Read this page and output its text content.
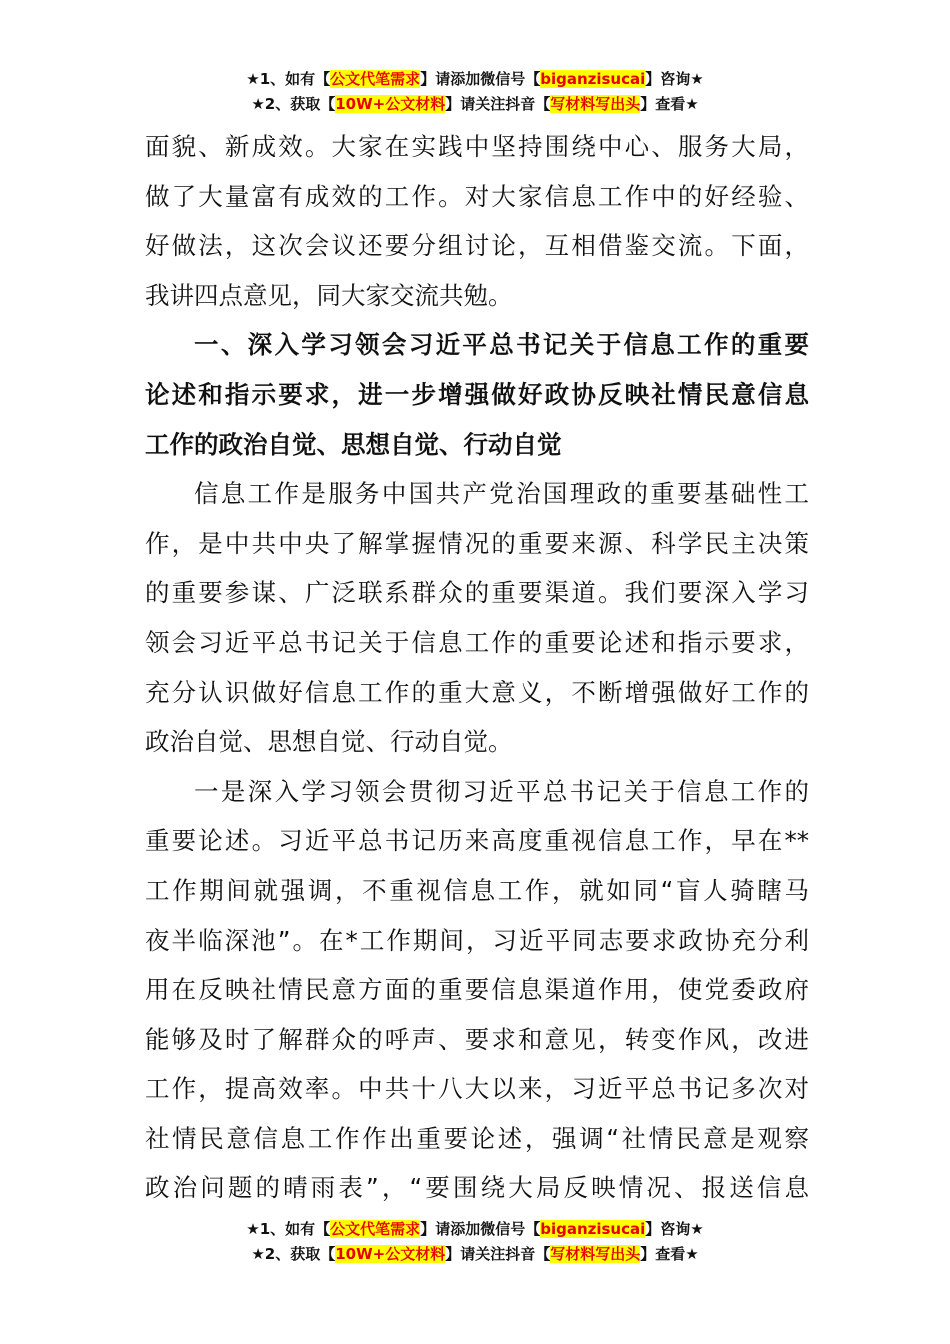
★1、如有【公文代笔需求】请添加微信号【biganzisucai】咨询★
★2、获取【10W+公文材料】请关注抖音【写材料写出头】查看★
面貌、新成效。大家在实践中坚持围绕中心、服务大局，
做了大量富有成效的工作。对大家信息工作中的好经验、
好做法，这次会议还要分组讨论，互相借鉴交流。下面，
我讲四点意见，同大家交流共勉。
一、深入学习领会习近平总书记关于信息工作的重要
论述和指示要求，进一步增强做好政协反映社情民意信息
工作的政治自觉、思想自觉、行动自觉
信息工作是服务中国共产党治国理政的重要基础性工
作，是中共中央了解掌握情况的重要来源、科学民主决策
的重要参谋、广泛联系群众的重要渠道。我们要深入学习
领会习近平总书记关于信息工作的重要论述和指示要求，
充分认识做好信息工作的重大意义，不断增强做好工作的
政治自觉、思想自觉、行动自觉。
一是深入学习领会贯彻习近平总书记关于信息工作的
重要论述。习近平总书记历来高度重视信息工作，早在**
工作期间就强调，不重视信息工作，就如同“盲人骑瞎马
夜半临深池”。在*工作期间，习近平同志要求政协充分利
用在反映社情民意方面的重要信息渠道作用，使党委政府
能够及时了解群众的呼声、要求和意见，转变作风，改进
工作，提高效率。中共十八大以来，习近平总书记多次对
社情民意信息工作作出重要论述，强调“社情民意是观察
政治问题的晴雨表”，“要围绕大局反映情况、报送信息
★1、如有【公文代笔需求】请添加微信号【biganzisucai】咨询★
★2、获取【10W+公文材料】请关注抖音【写材料写出头】查看★
